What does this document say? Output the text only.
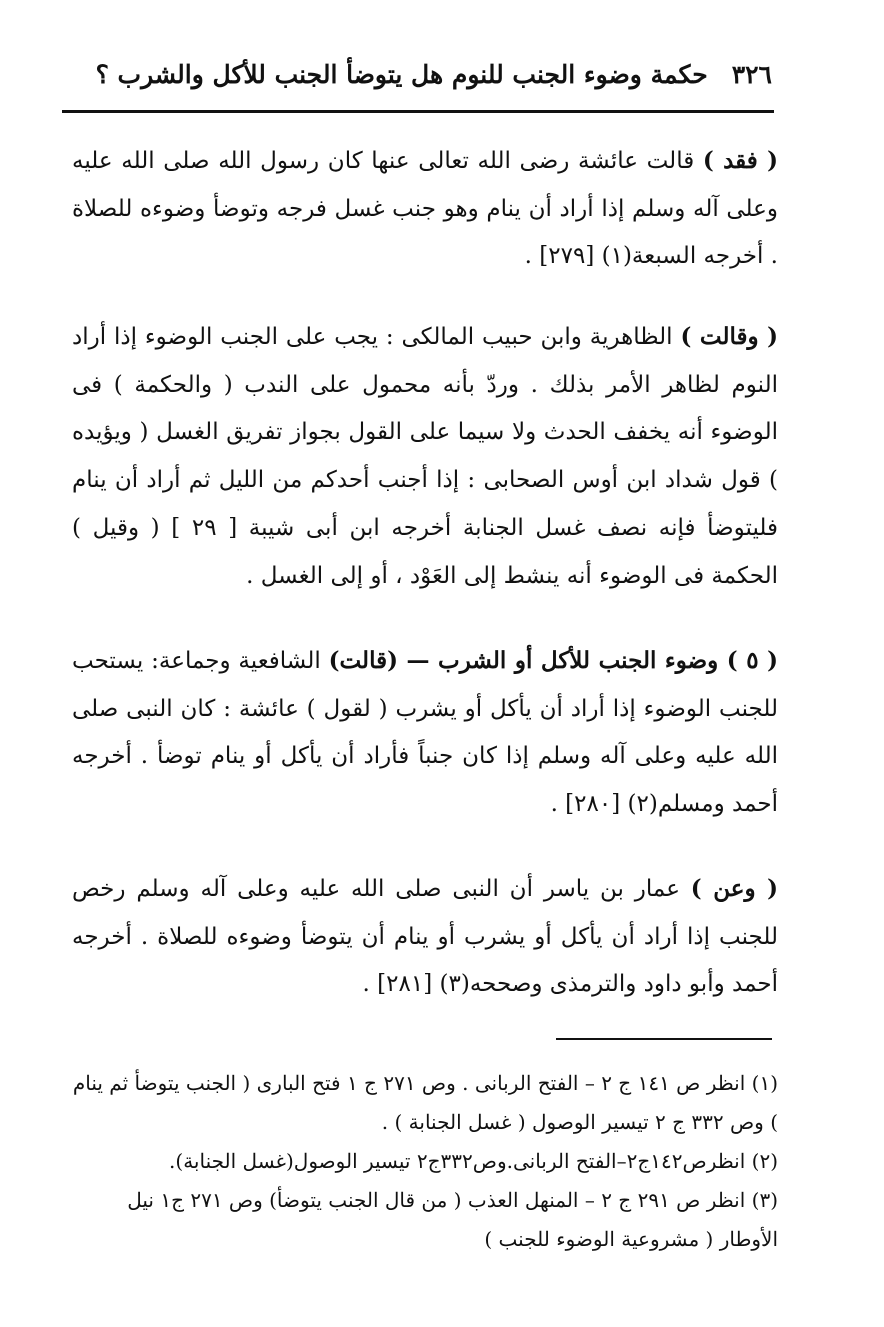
٣٢٦حكمة وضوء الجنب للنوم هل يتوضأ الجنب للأكل والشرب ؟

( فقد ) قالت عائشة رضى الله تعالى عنها كان رسول الله صلى الله عليه وعلى آله وسلم إذا أراد أن ينام وهو جنب غسل فرجه وتوضأ وضوءه للصلاة . أخرجه السبعة(١) [٢٧٩] .

( وقالت ) الظاهرية وابن حبيب المالكى : يجب على الجنب الوضوء إذا أراد النوم لظاهر الأمر بذلك . وردّ بأنه محمول على الندب ( والحكمة ) فى الوضوء أنه يخفف الحدث ولا سيما على القول بجواز تفريق الغسل ( ويؤيده ) قول شداد ابن أوس الصحابى : إذا أجنب أحدكم من الليل ثم أراد أن ينام فليتوضأ فإنه نصف غسل الجنابة أخرجه ابن أبى شيبة [ ٢٩ ] ( وقيل ) الحكمة فى الوضوء أنه ينشط إلى العَوْد ، أو إلى الغسل .

( ٥ ) وضوء الجنب للأكل أو الشرب — (قالت) الشافعية وجماعة: يستحب للجنب الوضوء إذا أراد أن يأكل أو يشرب ( لقول ) عائشة : كان النبى صلى الله عليه وعلى آله وسلم إذا كان جنباً فأراد أن يأكل أو ينام توضأ . أخرجه أحمد ومسلم(٢) [٢٨٠] .

( وعن ) عمار بن ياسر أن النبى صلى الله عليه وعلى آله وسلم رخص للجنب إذا أراد أن يأكل أو يشرب أو ينام أن يتوضأ وضوءه للصلاة . أخرجه أحمد وأبو داود والترمذى وصححه(٣) [٢٨١] .

(١) انظر ص ١٤١ ج ٢ – الفتح الربانى . وص ٢٧١ ج ١ فتح البارى ( الجنب يتوضأ ثم ينام ) وص ٣٣٢ ج ٢ تيسير الوصول ( غسل الجنابة ) .

(٢) انظرص١٤٢ج٢–الفتح الربانى.وص٣٣٢ج٢ تيسير الوصول(غسل الجنابة).

(٣) انظر ص ٢٩١ ج ٢ – المنهل العذب ( من قال الجنب يتوضأ) وص ٢٧١ ج١ نيل الأوطار ( مشروعية الوضوء للجنب )
